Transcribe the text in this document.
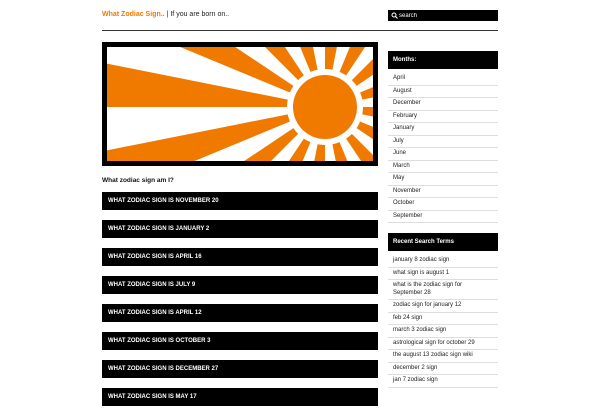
What Zodiac Sign.. | If you are born on..
search
What zodiac sign am I?
WHAT ZODIAC SIGN IS NOVEMBER 20
WHAT ZODIAC SIGN IS JANUARY 2
WHAT ZODIAC SIGN IS APRIL 16
WHAT ZODIAC SIGN IS JULY 9
WHAT ZODIAC SIGN IS APRIL 12
WHAT ZODIAC SIGN IS OCTOBER 3
WHAT ZODIAC SIGN IS DECEMBER 27
WHAT ZODIAC SIGN IS MAY 17
Months:
April
August
December
February
January
July
June
March
May
November
October
September
Recent Search Terms
january 8 zodiac sign
what sign is august 1
what is the zodiac sign for September 28
zodiac sign for january 12
feb 24 sign
march 3 zodiac sign
astrological sign for october 29
the august 13 zodiac sign wiki
december 2 sign
jan 7 zodiac sign
